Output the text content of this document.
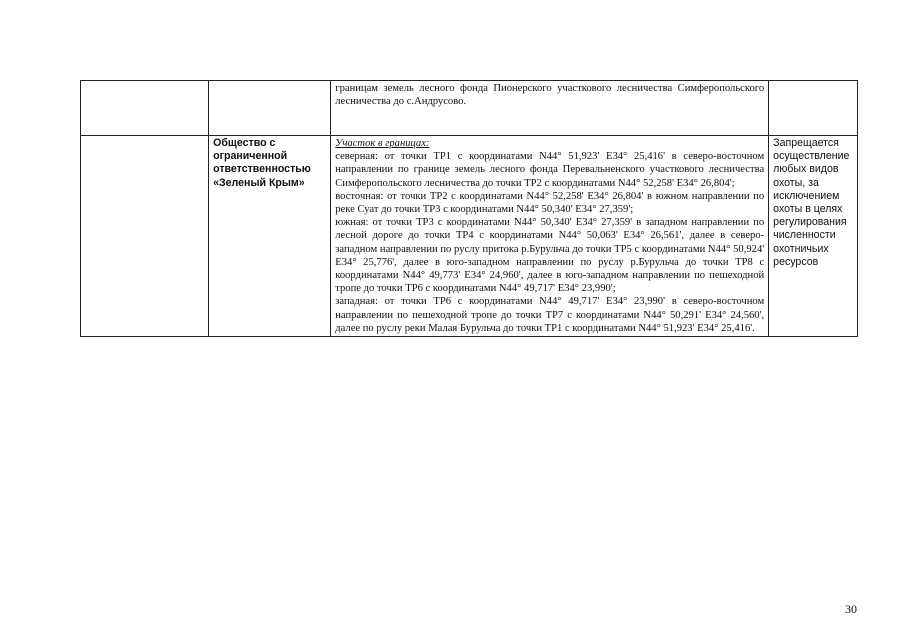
		границам земель лесного фонда Пионерского участкового лесничества Симферопольского лесничества до с.Андрусово.	
	Общество с ограниченной ответственностью «Зеленый Крым»	Участок в границах:
северная: от точки ТР1 с координатами N44° 51,923' E34° 25,416' в северо-восточном направлении по границе земель лесного фонда Перевальненского участкового лесничества Симферопольского лесничества до точки ТР2 с координатами N44° 52,258' E34° 26,804';
восточная: от точки ТР2 с координатами N44° 52,258' E34° 26,804' в южном направлении по реке Суат до точки ТР3 с координатами N44° 50,340' E34° 27,359';
южная: от точки ТР3 с координатами N44° 50,340' E34° 27,359' в западном направлении по лесной дороге до точки ТР4 с координатами N44° 50,063' E34° 26,561', далее в северо-западном направлении по руслу притока р.Бурульча до точки ТР5 с координатами N44° 50,924' E34° 25,776', далее в юго-западном направлении по руслу р.Бурульча до точки ТР8 с координатами N44° 49,773' E34° 24,960', далее в юго-западном направлении по пешеходной тропе до точки ТР6 с координатами N44° 49,717' E34° 23,990';
западная: от точки ТР6 с координатами N44° 49,717' E34° 23,990' в северо-восточном направлении по пешеходной тропе до точки ТР7 с координатами N44° 50,291' E34° 24,560', далее по руслу реки Малая Бурульча до точки ТР1 с координатами N44° 51,923' E34° 25,416'.	Запрещается осуществление любых видов охоты, за исключением охоты в целях регулирования численности охотничьих ресурсов
30
